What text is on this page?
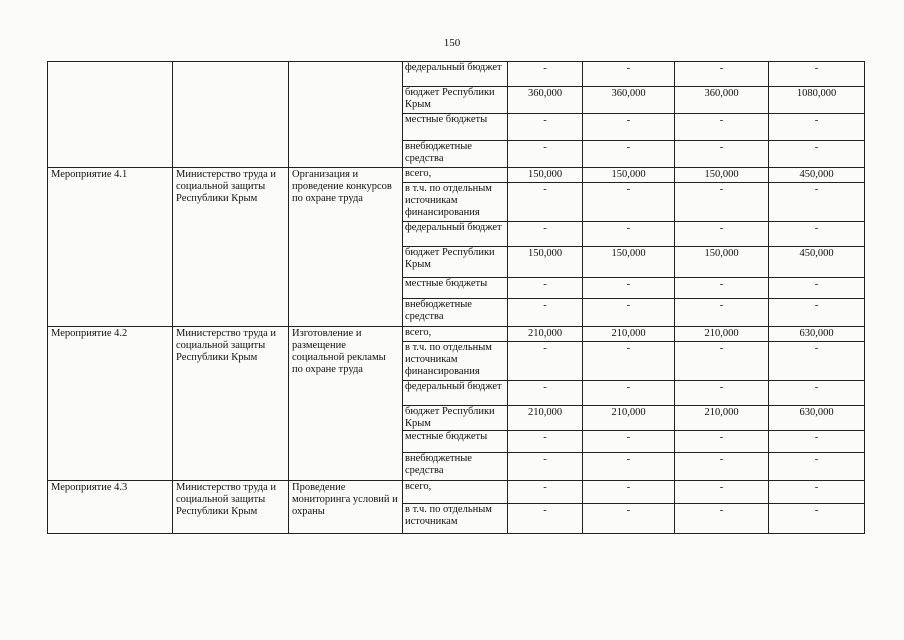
150
			федеральный бюджет	-	-	-	-
			бюджет Республики Крым	360,000	360,000	360,000	1080,000
			местные бюджеты	-	-	-	-
			внебюджетные средства	-	-	-	-
Мероприятие 4.1	Министерство труда и социальной защиты Республики Крым	Организация и проведение конкурсов по охране труда	всего,	150,000	150,000	150,000	450,000
			в т.ч. по отдельным источникам финансирования	-	-	-	-
			федеральный бюджет	-	-	-	-
			бюджет Республики Крым	150,000	150,000	150,000	450,000
			местные бюджеты	-	-	-	-
			внебюджетные средства	-	-	-	-
Мероприятие 4.2	Министерство труда и социальной защиты Республики Крым	Изготовление и размещение социальной рекламы по охране труда	всего,	210,000	210,000	210,000	630,000
			в т.ч. по отдельным источникам финансирования	-	-	-	-
			федеральный бюджет	-	-	-	-
			бюджет Республики Крым	210,000	210,000	210,000	630,000
			местные бюджеты	-	-	-	-
			внебюджетные средства	-	-	-	-
Мероприятие 4.3	Министерство труда и социальной защиты Республики Крым	Проведение мониторинга условий и охраны	всего,	-	-	-	-
			в т.ч. по отдельным источникам	-	-	-	-
